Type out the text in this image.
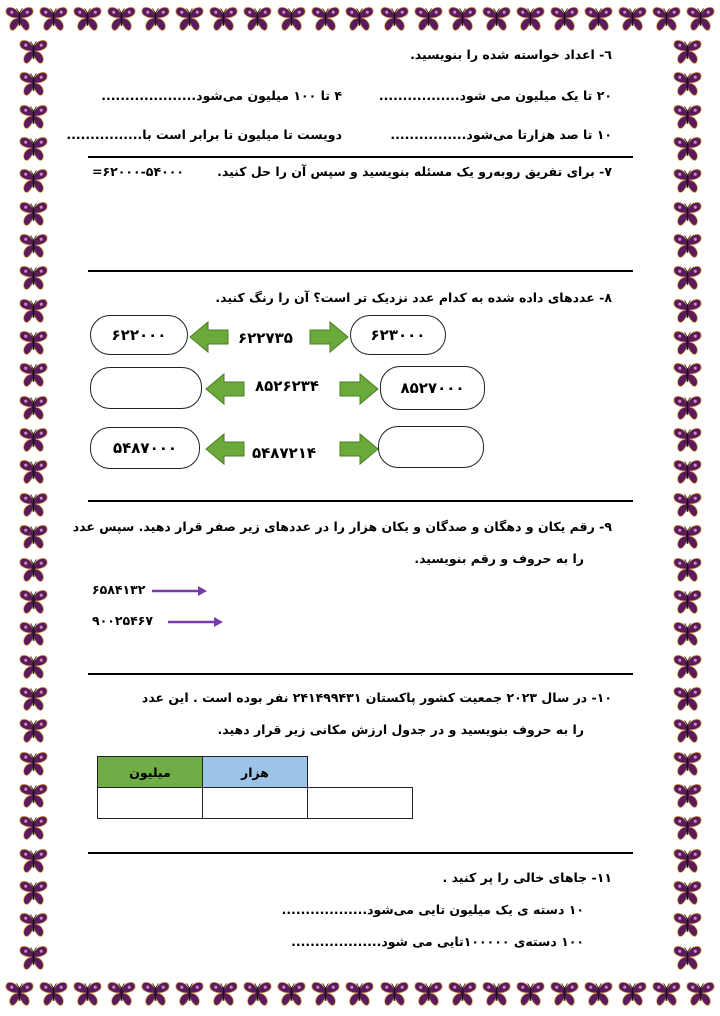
٦- اعداد خواسته شده را بنویسید.
۲۰ تا یک میلیون می شود.................
۴ تا ۱۰۰ میلیون می‌شود....................
۱۰ تا صد هزارتا می‌شود................
دویست تا میلیون تا برابر است با................
٧- برای تفریق روبه‌رو یک مسئله بنویسید و سپس آن را حل کنید.
=۶۲۰۰۰-۵۴۰۰۰
٨- عددهای داده شده به کدام عدد نزدیک تر است؟ آن را رنگ کنید.
۶۲۲۰۰۰	۶۲۲۷۳۵	۶۲۳۰۰۰
۸۵۲۶۲۳۴	۸۵۲۷۰۰۰
۵۴۸۷۰۰۰	۵۴۸۷۲۱۴
٩- رقم یکان و دهگان و صدگان و یکان هزار را در عددهای زیر صفر قرار دهید. سپس عدد
را به حروف و رقم بنویسید.
۶۵۸۴۱۳۲
۹۰۰۲۵۴۶۷
١٠- در سال ۲۰۲۳ جمعیت کشور پاکستان ۲۴۱۴۹۹۴۳۱ نفر بوده است . این عدد
را به حروف بنویسید و در جدول ارزش مکانی زیر قرار دهید.
میلیون	هزار	

١١- جاهای خالی را پر کنید .
۱۰ دسته ی یک میلیون تایی می‌شود..................
۱۰۰ دسته‌ی ۱۰۰۰۰۰تایی می شود...................
